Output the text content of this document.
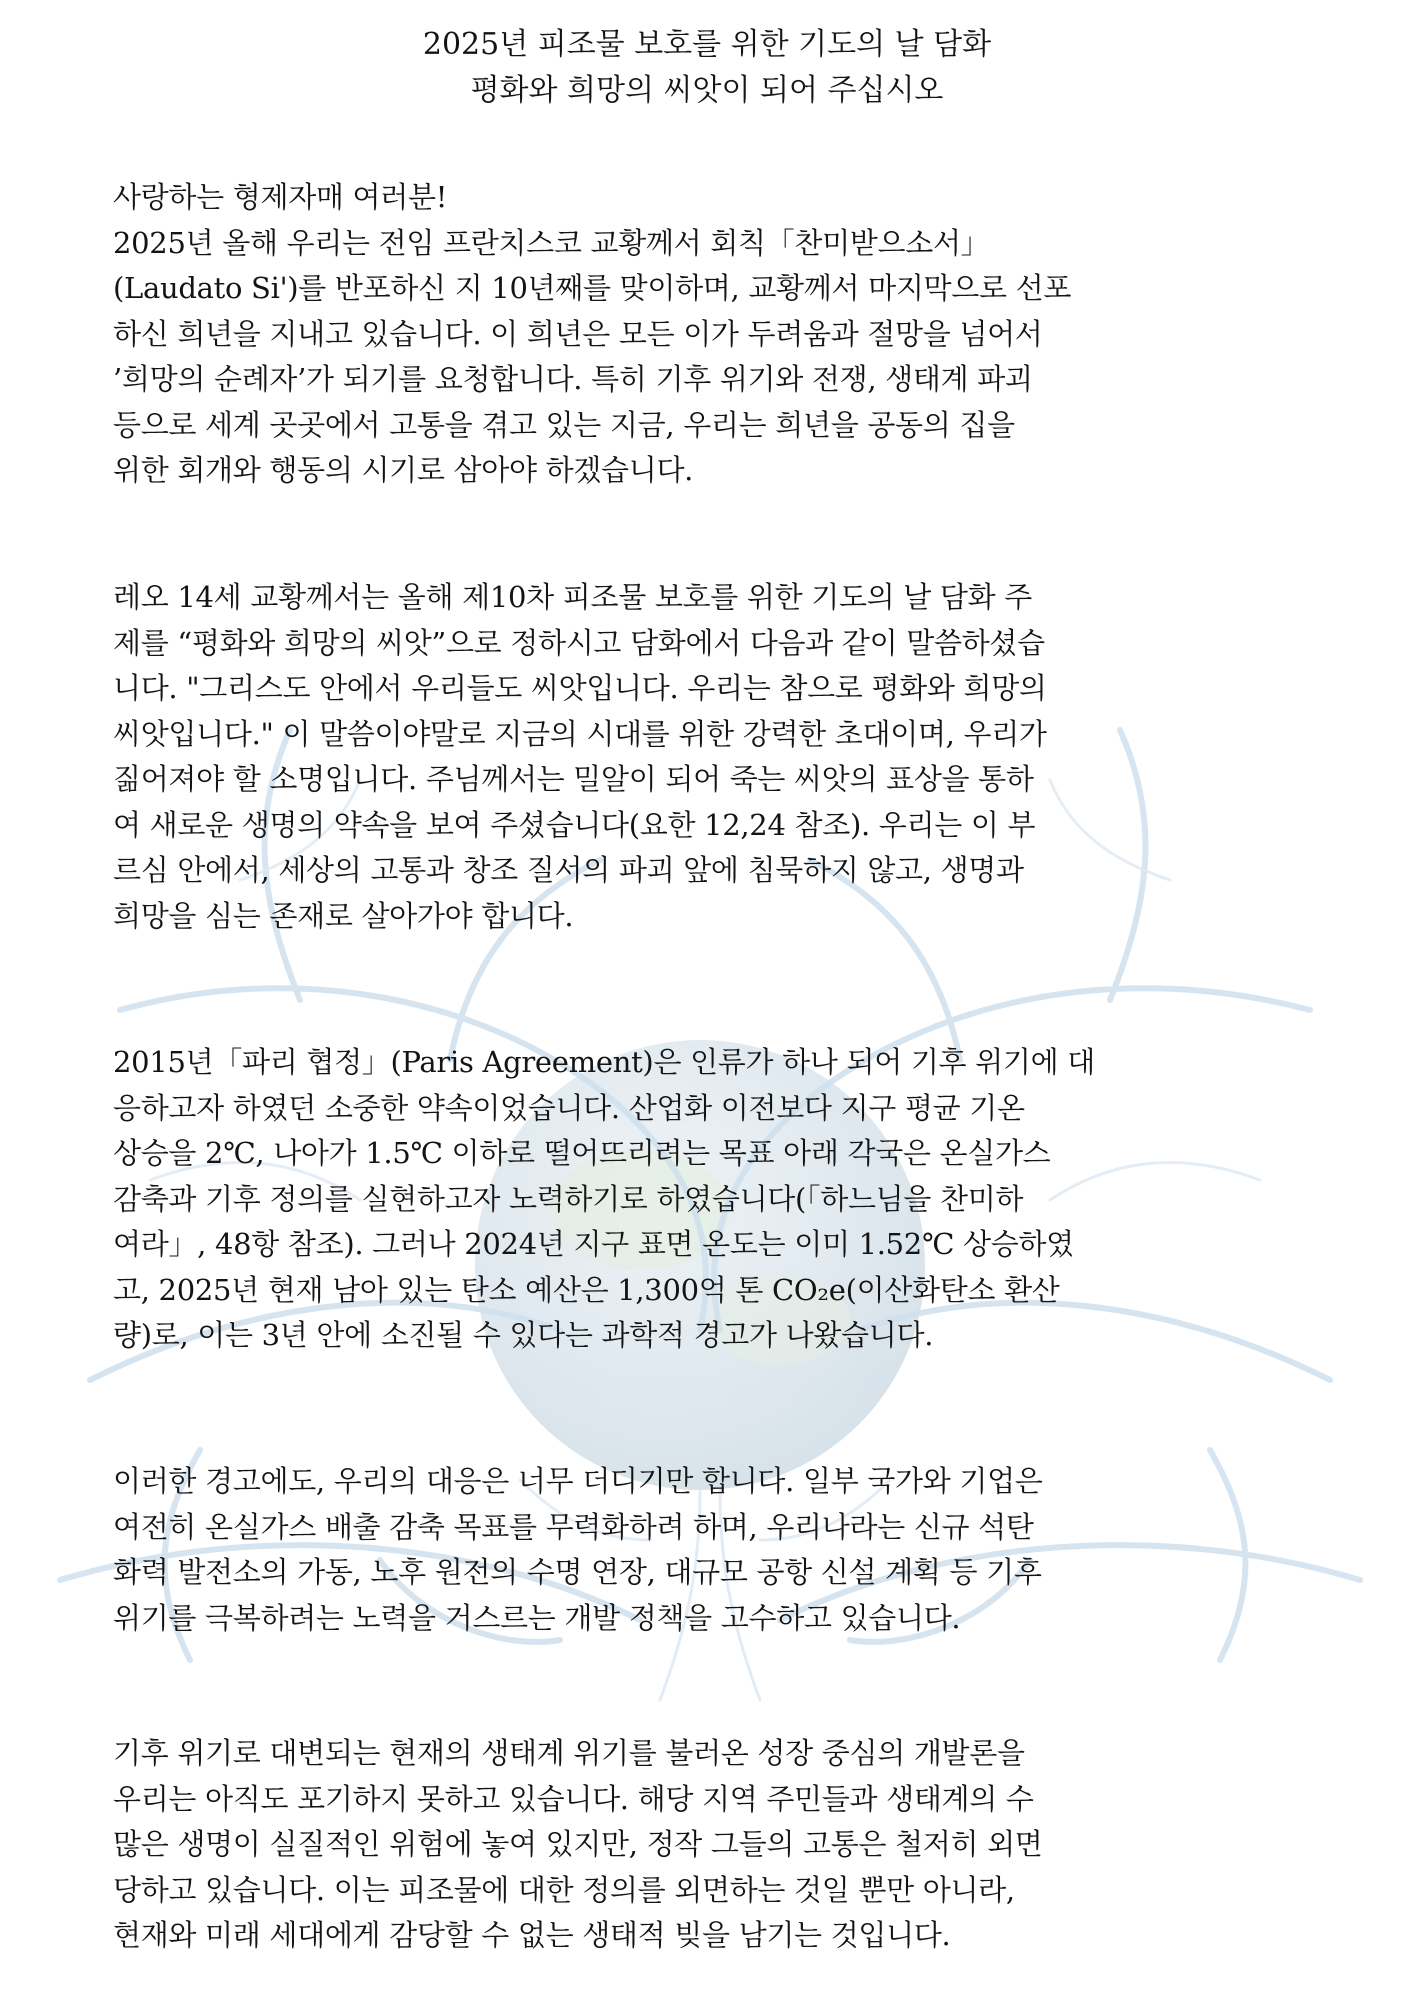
2025년 피조물 보호를 위한 기도의 날 담화
평화와 희망의 씨앗이 되어 주십시오
사랑하는 형제자매 여러분!
2025년 올해 우리는 전임 프란치스코 교황께서 회칙「찬미받으소서」
(Laudato Si')를 반포하신 지 10년째를 맞이하며, 교황께서 마지막으로 선포
하신 희년을 지내고 있습니다. 이 희년은 모든 이가 두려움과 절망을 넘어서
’희망의 순례자’가 되기를 요청합니다. 특히 기후 위기와 전쟁, 생태계 파괴
등으로 세계 곳곳에서 고통을 겪고 있는 지금, 우리는 희년을 공동의 집을
위한 회개와 행동의 시기로 삼아야 하겠습니다.
레오 14세 교황께서는 올해 제10차 피조물 보호를 위한 기도의 날 담화 주
제를 “평화와 희망의 씨앗”으로 정하시고 담화에서 다음과 같이 말씀하셨습
니다. "그리스도 안에서 우리들도 씨앗입니다. 우리는 참으로 평화와 희망의
씨앗입니다." 이 말씀이야말로 지금의 시대를 위한 강력한 초대이며, 우리가
짊어져야 할 소명입니다. 주님께서는 밀알이 되어 죽는 씨앗의 표상을 통하
여 새로운 생명의 약속을 보여 주셨습니다(요한 12,24 참조). 우리는 이 부
르심 안에서, 세상의 고통과 창조 질서의 파괴 앞에 침묵하지 않고, 생명과
희망을 심는 존재로 살아가야 합니다.
2015년「파리 협정」(Paris Agreement)은 인류가 하나 되어 기후 위기에 대
응하고자 하였던 소중한 약속이었습니다. 산업화 이전보다 지구 평균 기온
상승을 2℃, 나아가 1.5℃ 이하로 떨어뜨리려는 목표 아래 각국은 온실가스
감축과 기후 정의를 실현하고자 노력하기로 하였습니다(「하느님을 찬미하
여라」, 48항 참조). 그러나 2024년 지구 표면 온도는 이미 1.52℃ 상승하였
고, 2025년 현재 남아 있는 탄소 예산은 1,300억 톤 CO₂e(이산화탄소 환산
량)로, 이는 3년 안에 소진될 수 있다는 과학적 경고가 나왔습니다.
이러한 경고에도, 우리의 대응은 너무 더디기만 합니다. 일부 국가와 기업은
여전히 온실가스 배출 감축 목표를 무력화하려 하며, 우리나라는 신규 석탄
화력 발전소의 가동, 노후 원전의 수명 연장, 대규모 공항 신설 계획 등 기후
위기를 극복하려는 노력을 거스르는 개발 정책을 고수하고 있습니다.
기후 위기로 대변되는 현재의 생태계 위기를 불러온 성장 중심의 개발론을
우리는 아직도 포기하지 못하고 있습니다. 해당 지역 주민들과 생태계의 수
많은 생명이 실질적인 위험에 놓여 있지만, 정작 그들의 고통은 철저히 외면
당하고 있습니다. 이는 피조물에 대한 정의를 외면하는 것일 뿐만 아니라,
현재와 미래 세대에게 감당할 수 없는 생태적 빚을 남기는 것입니다.
